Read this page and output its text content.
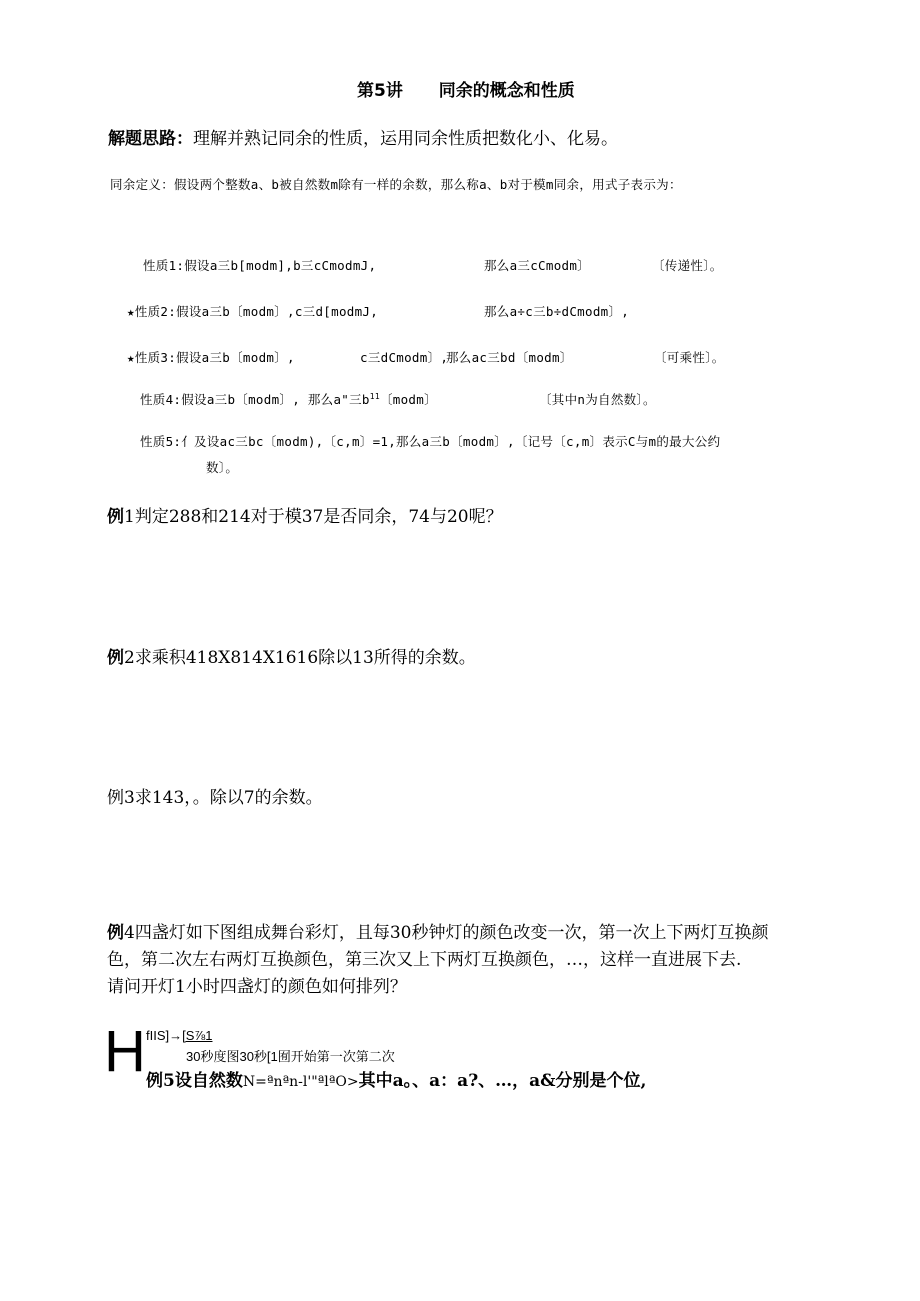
第5讲 同余的概念和性质
解题思路：理解并熟记同余的性质，运用同余性质把数化小、化易。
同余定义：假设两个整数a、b被自然数m除有一样的余数，那么称a、b对于模m同余，用式子表示为：
性质1:假设a三b[modm],b三cCmodmJ,	那么a三cCmodm〕	〔传递性〕。
★性质2:假设a三b〔modm〕,c三d[modmJ,	那么a÷c三b÷dCmodm〕,
★性质3:假设a三b〔modm〕,	c三dCmodm〕,
那么ac三bd〔modm〕	〔可乘性〕。
性质4:假设a三b〔modm〕, 那么a"三$b^{11}$〔modm〕	〔其中n为自然数〕。
性质5:亻及设ac三bc〔modm),〔c,m〕=1,那么a三b〔modm〕,〔记号〔c,m〕表示C与m的最大公约
数〕。
例1判定288和214对于模37是否同余，74与20呢？
例2求乘积418X814X1616除以13所得的余数。
例3求143，。除以7的余数。
例4四盏灯如下图组成舞台彩灯，且每30秒钟灯的颜色改变一次，第一次上下两灯互换颜
色，第二次左右两灯互换颜色，第三次又上下两灯互换颜色，…，这样一直进展下去.
请问开灯1小时四盏灯的颜色如何排列？
H fIIS]→[S⅞1
30秒度图30秒[1囿开始第一次第二次
例5设自然数N=ªnªn-l'"ªlªO>其中a。、a：a?、…，a&分别是个位,
